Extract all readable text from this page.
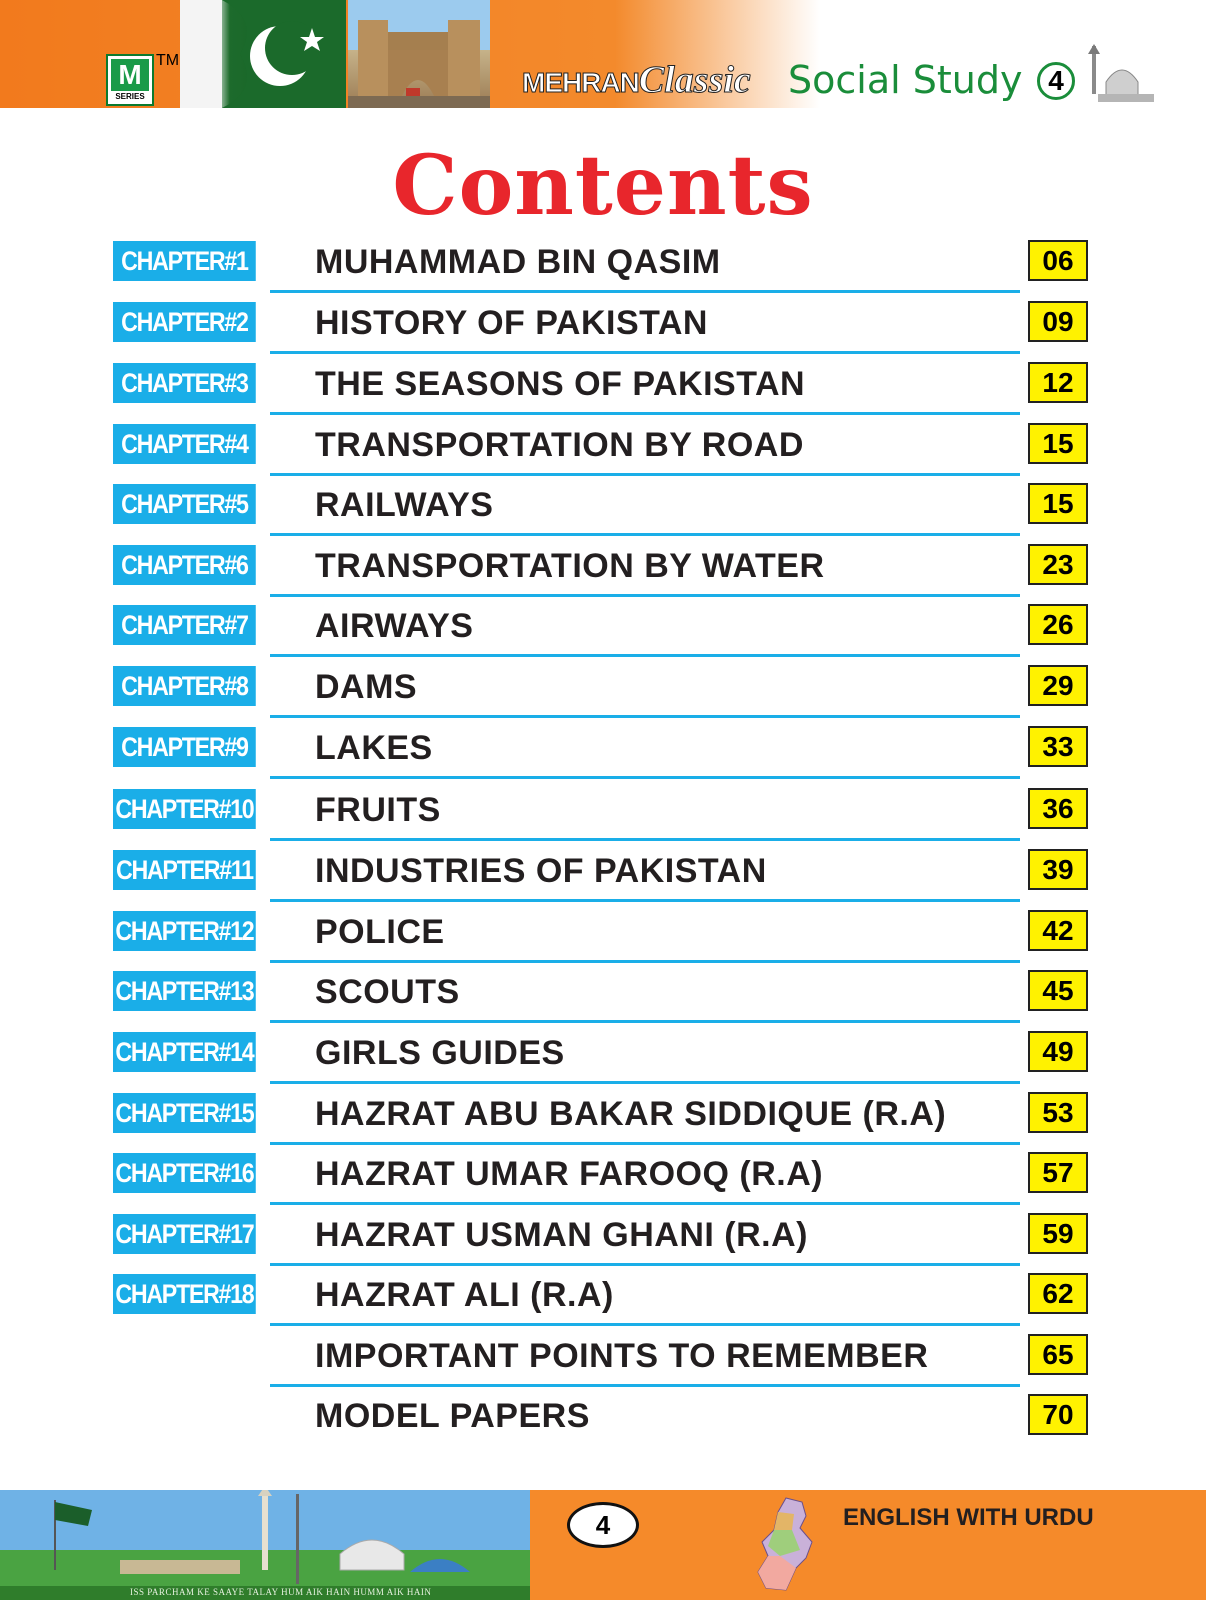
M
SERIES
TM
MEHRANClassic Social Study 4
Contents
CHAPTER#1 MUHAMMAD BIN QASIM	06
CHAPTER#2 HISTORY OF PAKISTAN	09
CHAPTER#3 THE SEASONS OF PAKISTAN	12
CHAPTER#4 TRANSPORTATION BY ROAD	15
CHAPTER#5 RAILWAYS	15
CHAPTER#6 TRANSPORTATION BY WATER	23
CHAPTER#7 AIRWAYS	26
CHAPTER#8 DAMS	29
CHAPTER#9 LAKES	33
CHAPTER#10 FRUITS	36
CHAPTER#11 INDUSTRIES OF PAKISTAN	39
CHAPTER#12 POLICE	42
CHAPTER#13 SCOUTS	45
CHAPTER#14 GIRLS GUIDES	49
CHAPTER#15 HAZRAT ABU BAKAR SIDDIQUE (R.A)	53
CHAPTER#16 HAZRAT UMAR FAROOQ (R.A)	57
CHAPTER#17 HAZRAT USMAN GHANI (R.A)	59
CHAPTER#18 HAZRAT ALI (R.A)	62
IMPORTANT POINTS TO REMEMBER	65
MODEL PAPERS	70
ISS PARCHAM KE SAAYE TALAY HUM AIK HAIN HUMM AIK HAIN
4	ENGLISH WITH URDU
